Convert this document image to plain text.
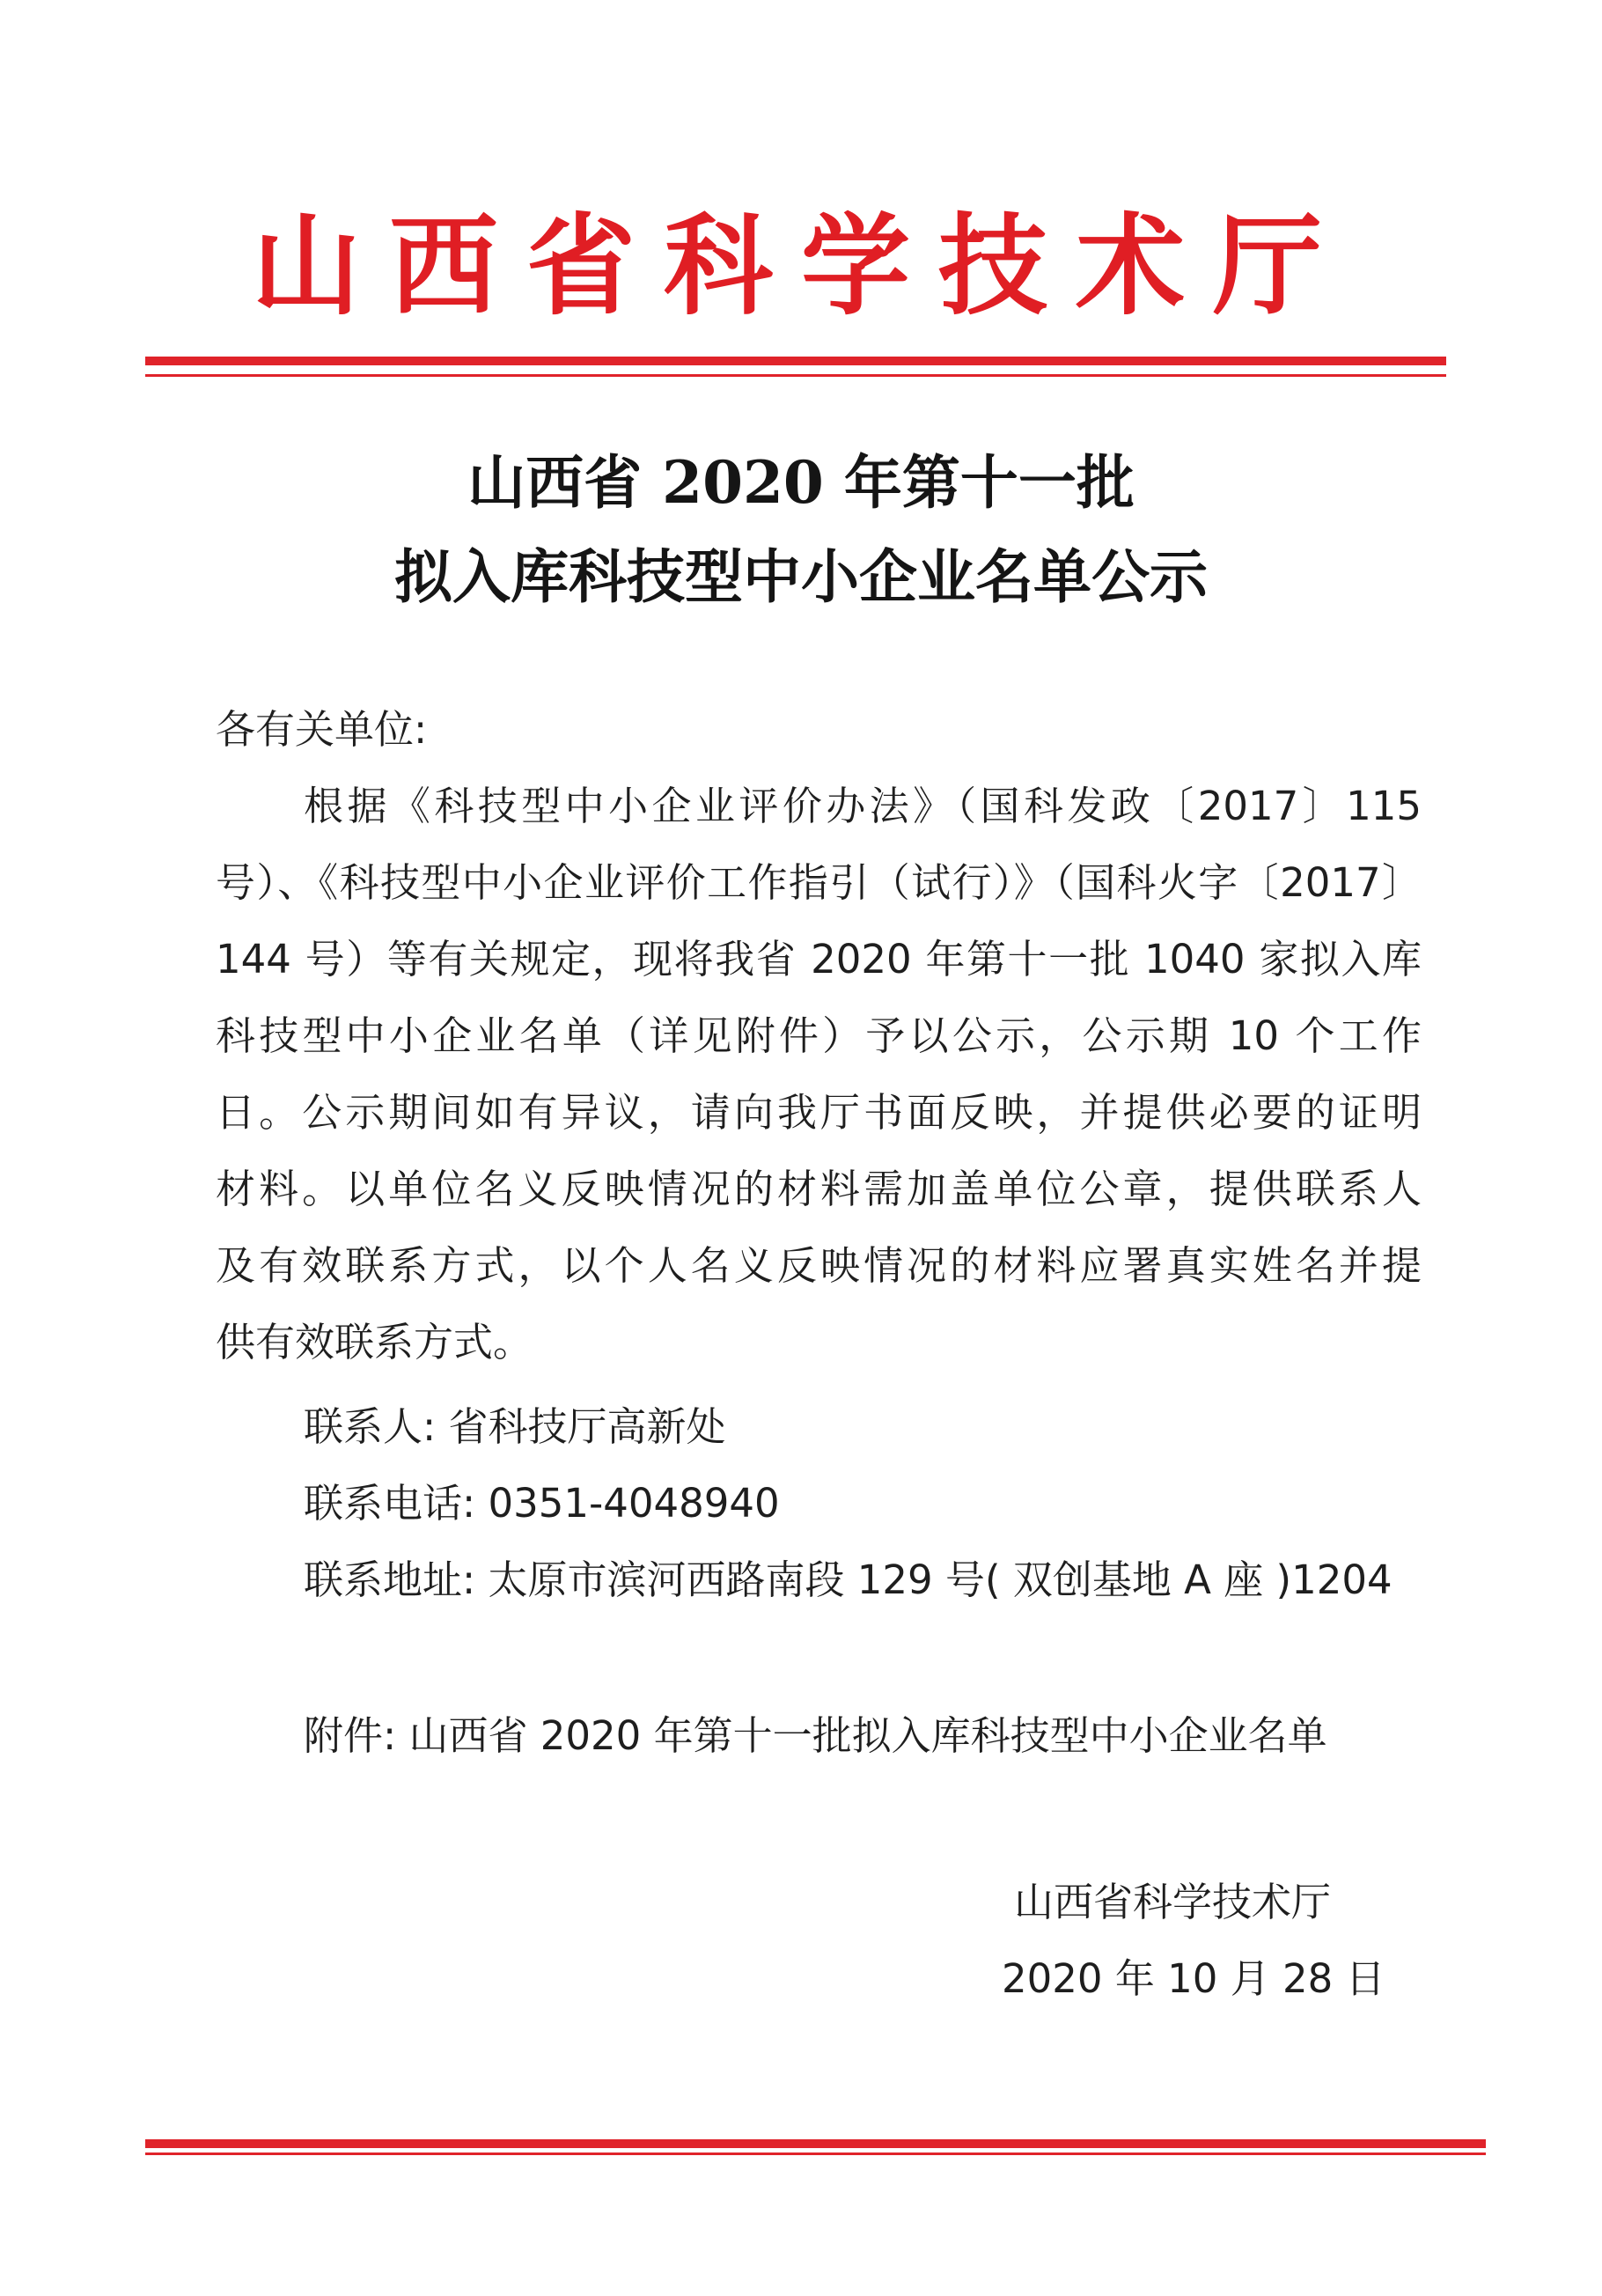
山西省科学技术厅
山西省 2020 年第十一批
拟入库科技型中小企业名单公示
各有关单位:
根据《科技型中小企业评价办法》（国科发政〔2017〕115
号）、《科技型中小企业评价工作指引（试行）》（国科火字〔2017〕
144 号）等有关规定，现将我省 2020 年第十一批 1040 家拟入库
科技型中小企业名单（详见附件）予以公示，公示期 10 个工作
日。公示期间如有异议，请向我厅书面反映，并提供必要的证明
材料。以单位名义反映情况的材料需加盖单位公章，提供联系人
及有效联系方式，以个人名义反映情况的材料应署真实姓名并提
供有效联系方式。
联系人: 省科技厅高新处
联系电话: 0351-4048940
联系地址: 太原市滨河西路南段 129 号( 双创基地 A 座 )1204
附件: 山西省 2020 年第十一批拟入库科技型中小企业名单
山西省科学技术厅
2020 年 10 月 28 日
